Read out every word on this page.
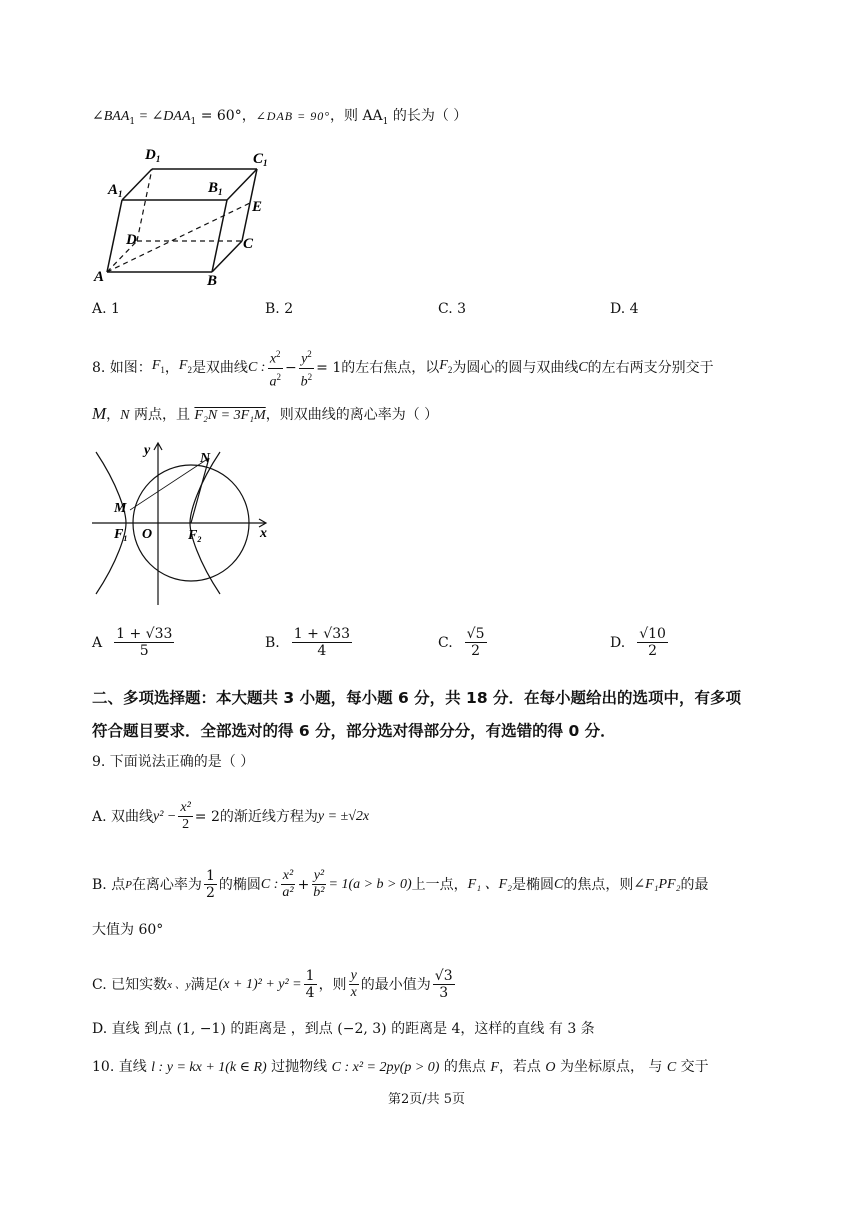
$\angle BAA_1$ = $\angle DAA_1 = 60^\circ$，∠DAB = 90°，则 $AA_1$ 的长为（ ）
$D_1$	$C_1$
$A_1$	$B_1$
E
D	C
A	B
A. 1	B. 2	C. 3	D. 4
8. 如图： $F_1$ ， $F_2$ 是双曲线 C : $\frac{x^2}{a^2} - \frac{y^2}{b^2} = 1$ 的左右焦点，以 $F_2$ 为圆心的圆与双曲线 C 的左右两支分别交于
M，N 两点，且 F₂N = 3F₁M，则双曲线的离心率为（ ）
y
N
M
$F_1$ O	$F_2$	x
A $\frac{1 + √33}{5}$	B. $\frac{1 + √33}{4}$	C. $\frac{√5}{2}$	D. $\frac{√10}{2}$
二、多项选择题：本大题共 3 小题，每小题 6 分，共 18 分．在每小题给出的选项中，有多项
符合题目要求．全部选对的得 6 分，部分选对得部分分，有选错的得 0 分．
9. 下面说法正确的是（ ）
A. 双曲线 $y^2 - \frac{\text{x²}}{2} = 2$ 的渐近线方程为 y = ±√2x
B. 点 P 在离心率为 $\frac{1}{2}$ 的椭圆 C : $\frac{\text{x²}}{\text{a²}} + \frac{\text{y²}}{\text{b²}} = 1(a > b > 0)$ 上一点， F₁ 、F₂ 是椭圆 C 的焦点，则 ∠F₁PF₂ 的最
大值为 60°
C. 已知实数 x 、y 满足 $(x + 1)^2 + y^2 = \frac{1}{4}$ ，则 $\frac{y}{x}$ 的最小值为 $\frac{√3}{3}$
D. 直线 到点 (1, −1) 的距离是 ，到点 (−2, 3) 的距离是 4，这样的直线 有 3 条
10. 直线 l : y = kx + 1(k ∈ R) 过抛物线 C : x² = 2py(p > 0) 的焦点 F，若点 O 为坐标原点， 与 C 交于
第2页/共 5页
